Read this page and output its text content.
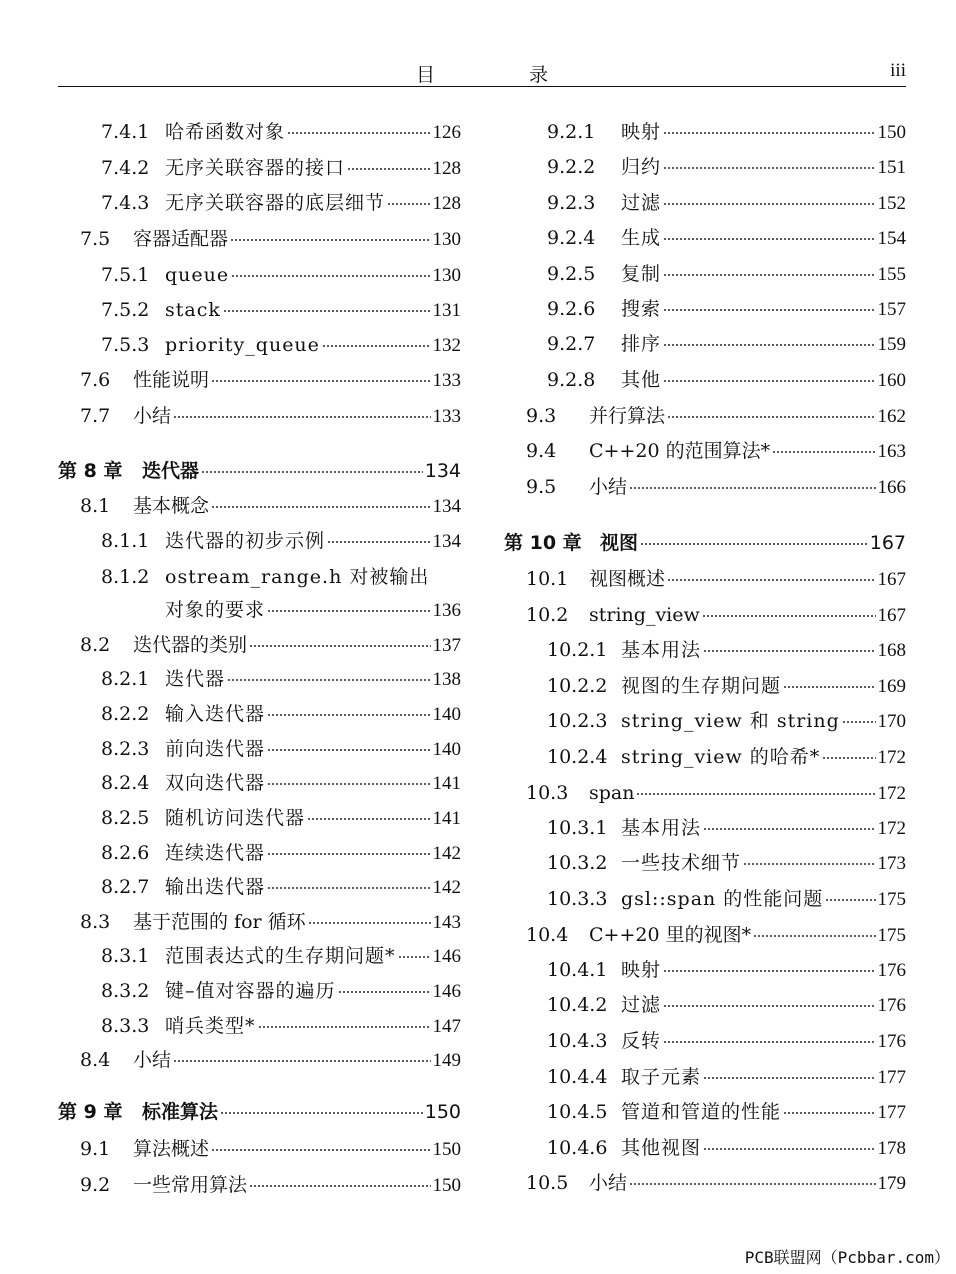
目 录	iii
7.4.1 哈希函数对象	126
7.4.2 无序关联容器的接口	128
7.4.3 无序关联容器的底层细节 128
7.5	容器适配器	130
7.5.1 queue	130
7.5.2 stack	131
7.5.3 priority_queue	132
7.6	性能说明	133
7.7	小结	133
第 8 章	迭代器	134
8.1	基本概念	134
8.1.1 迭代器的初步示例	134
8.1.2 ostream_range.h 对被输出
对象的要求	136
8.2	迭代器的类别	137
8.2.1 迭代器	138
8.2.2 输入迭代器	140
8.2.3 前向迭代器	140
8.2.4 双向迭代器	141
8.2.5 随机访问迭代器	141
8.2.6 连续迭代器	142
8.2.7 输出迭代器	142
8.3	基于范围的 for 循环	143
8.3.1 范围表达式的生存期问题* 146
8.3.2 键–值对容器的遍历	146
8.3.3 哨兵类型*	147
8.4	小结	149
第 9 章	标准算法	150
9.1	算法概述	150
9.2	一些常用算法	150
9.2.1	映射	150
9.2.2	归约	151
9.2.3	过滤	152
9.2.4	生成	154
9.2.5	复制	155
9.2.6	搜索	157
9.2.7	排序	159
9.2.8	其他	160
9.3	并行算法	162
9.4	C++20 的范围算法*	163
9.5	小结	166
第 10 章 视图	167
10.1	视图概述	167
10.2	string_view	167
10.2.1 基本用法	168
10.2.2 视图的生存期问题	169
10.2.3 string_view 和 string 170
10.2.4 string_view 的哈希*	172
10.3	span	172
10.3.1 基本用法	172
10.3.2 一些技术细节	173
10.3.3 gsl::span 的性能问题	175
10.4	C++20 里的视图*	175
10.4.1 映射	176
10.4.2 过滤	176
10.4.3 反转	176
10.4.4 取子元素	177
10.4.5 管道和管道的性能	177
10.4.6 其他视图	178
10.5	小结	179
PCB联盟网（Pcbbar.com）
